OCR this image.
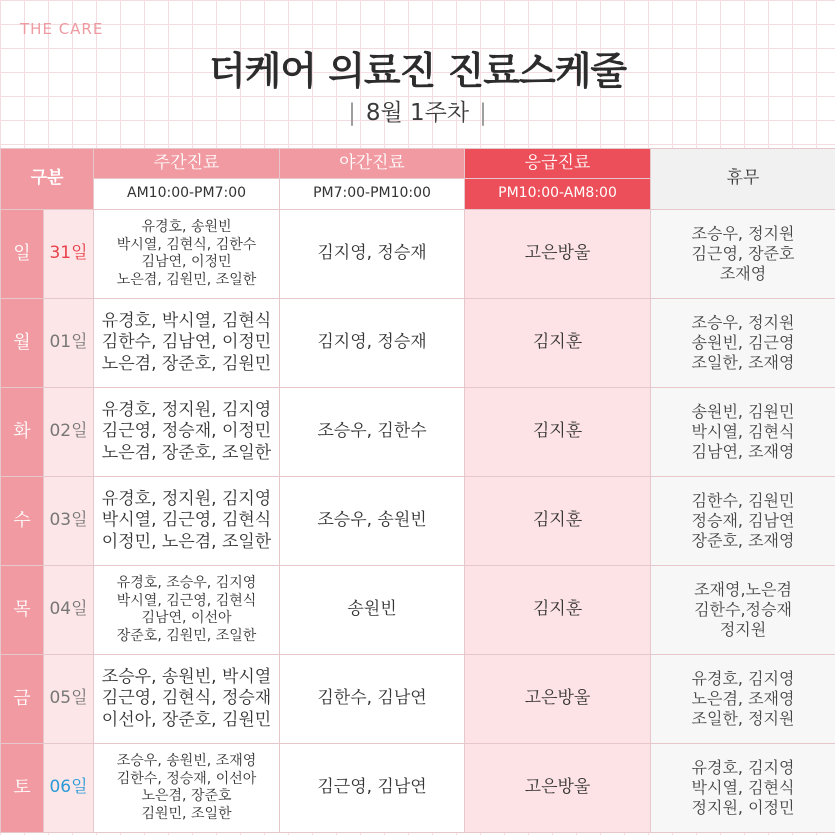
THE CARE
더케어 의료진 진료스케줄
| 8월 1주차 |
구분		주간진료	야간진료	응급진료	휴무
		AM10:00-PM7:00	PM7:00-PM10:00	PM10:00-AM8:00	
일	31일	유경호, 송원빈
박시열, 김현식, 김한수
김남연, 이정민
노은겸, 김원민, 조일한	김지영, 정승재	고은방울	조승우, 정지원
김근영, 장준호
조재영

월	01일	유경호, 박시열, 김현식
김한수, 김남연, 이정민
노은겸, 장준호, 김원민	김지영, 정승재	김지훈	조승우, 정지원
송원빈, 김근영
조일한, 조재영

화	02일	유경호, 정지원, 김지영
김근영, 정승재, 이정민
노은겸, 장준호, 조일한	조승우, 김한수	김지훈	송원빈, 김원민
박시열, 김현식
김남연, 조재영

수	03일	유경호, 정지원, 김지영
박시열, 김근영, 김현식
이정민, 노은겸, 조일한	조승우, 송원빈	김지훈	김한수, 김원민
정승재, 김남연
장준호, 조재영

목	04일	유경호, 조승우, 김지영
박시열, 김근영, 김현식
김남연, 이선아
장준호, 김원민, 조일한	송원빈	김지훈	조재영,노은겸
김한수,정승재
정지원

금	05일	조승우, 송원빈, 박시열
김근영, 김현식, 정승재
이선아, 장준호, 김원민	김한수, 김남연	고은방울	유경호, 김지영
노은겸, 조재영
조일한, 정지원

토	06일	조승우, 송원빈, 조재영
김한수, 정승재, 이선아
노은겸, 장준호
김원민, 조일한	김근영, 김남연	고은방울	유경호, 김지영
박시열, 김현식
정지원, 이정민
